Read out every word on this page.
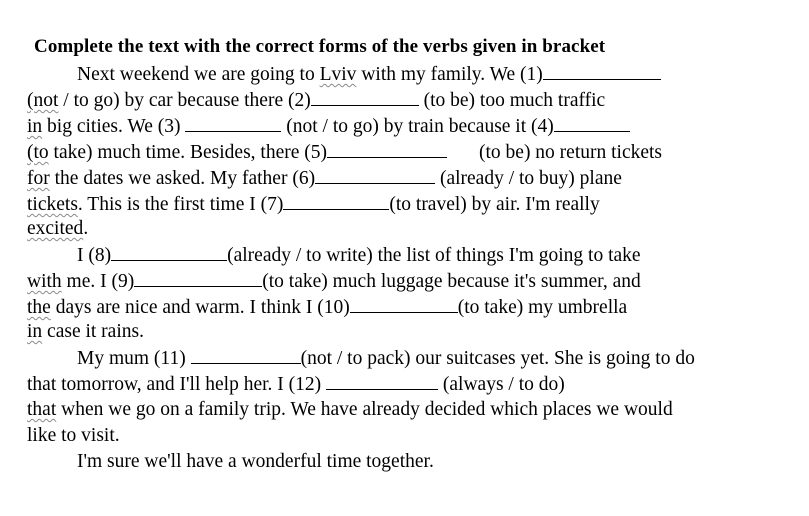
Complete the text with the correct forms of the verbs given in bracket
Next weekend we are going to Lviv with my family. We (1)
(not / to go) by car because there (2)	(to be) too much traffic
in big cities. We (3)	(not / to go) by train because it (4)
(to take) much time. Besides, there (5)	(to be) no return tickets
for the dates we asked. My father (6)	(already / to buy) plane
tickets. This is the first time I (7)	(to travel) by air. I'm really
excited.
I (8)	(already / to write) the list of things I'm going to take
with me. I (9)	(to take) much luggage because it's summer, and
the days are nice and warm. I think I (10)	(to take) my umbrella
in case it rains.
My mum (11)	(not / to pack) our suitcases yet. She is going to do
that tomorrow, and I'll help her. I (12)	(always / to do)
that when we go on a family trip. We have already decided which places we would
like to visit.
I'm sure we'll have a wonderful time together.
